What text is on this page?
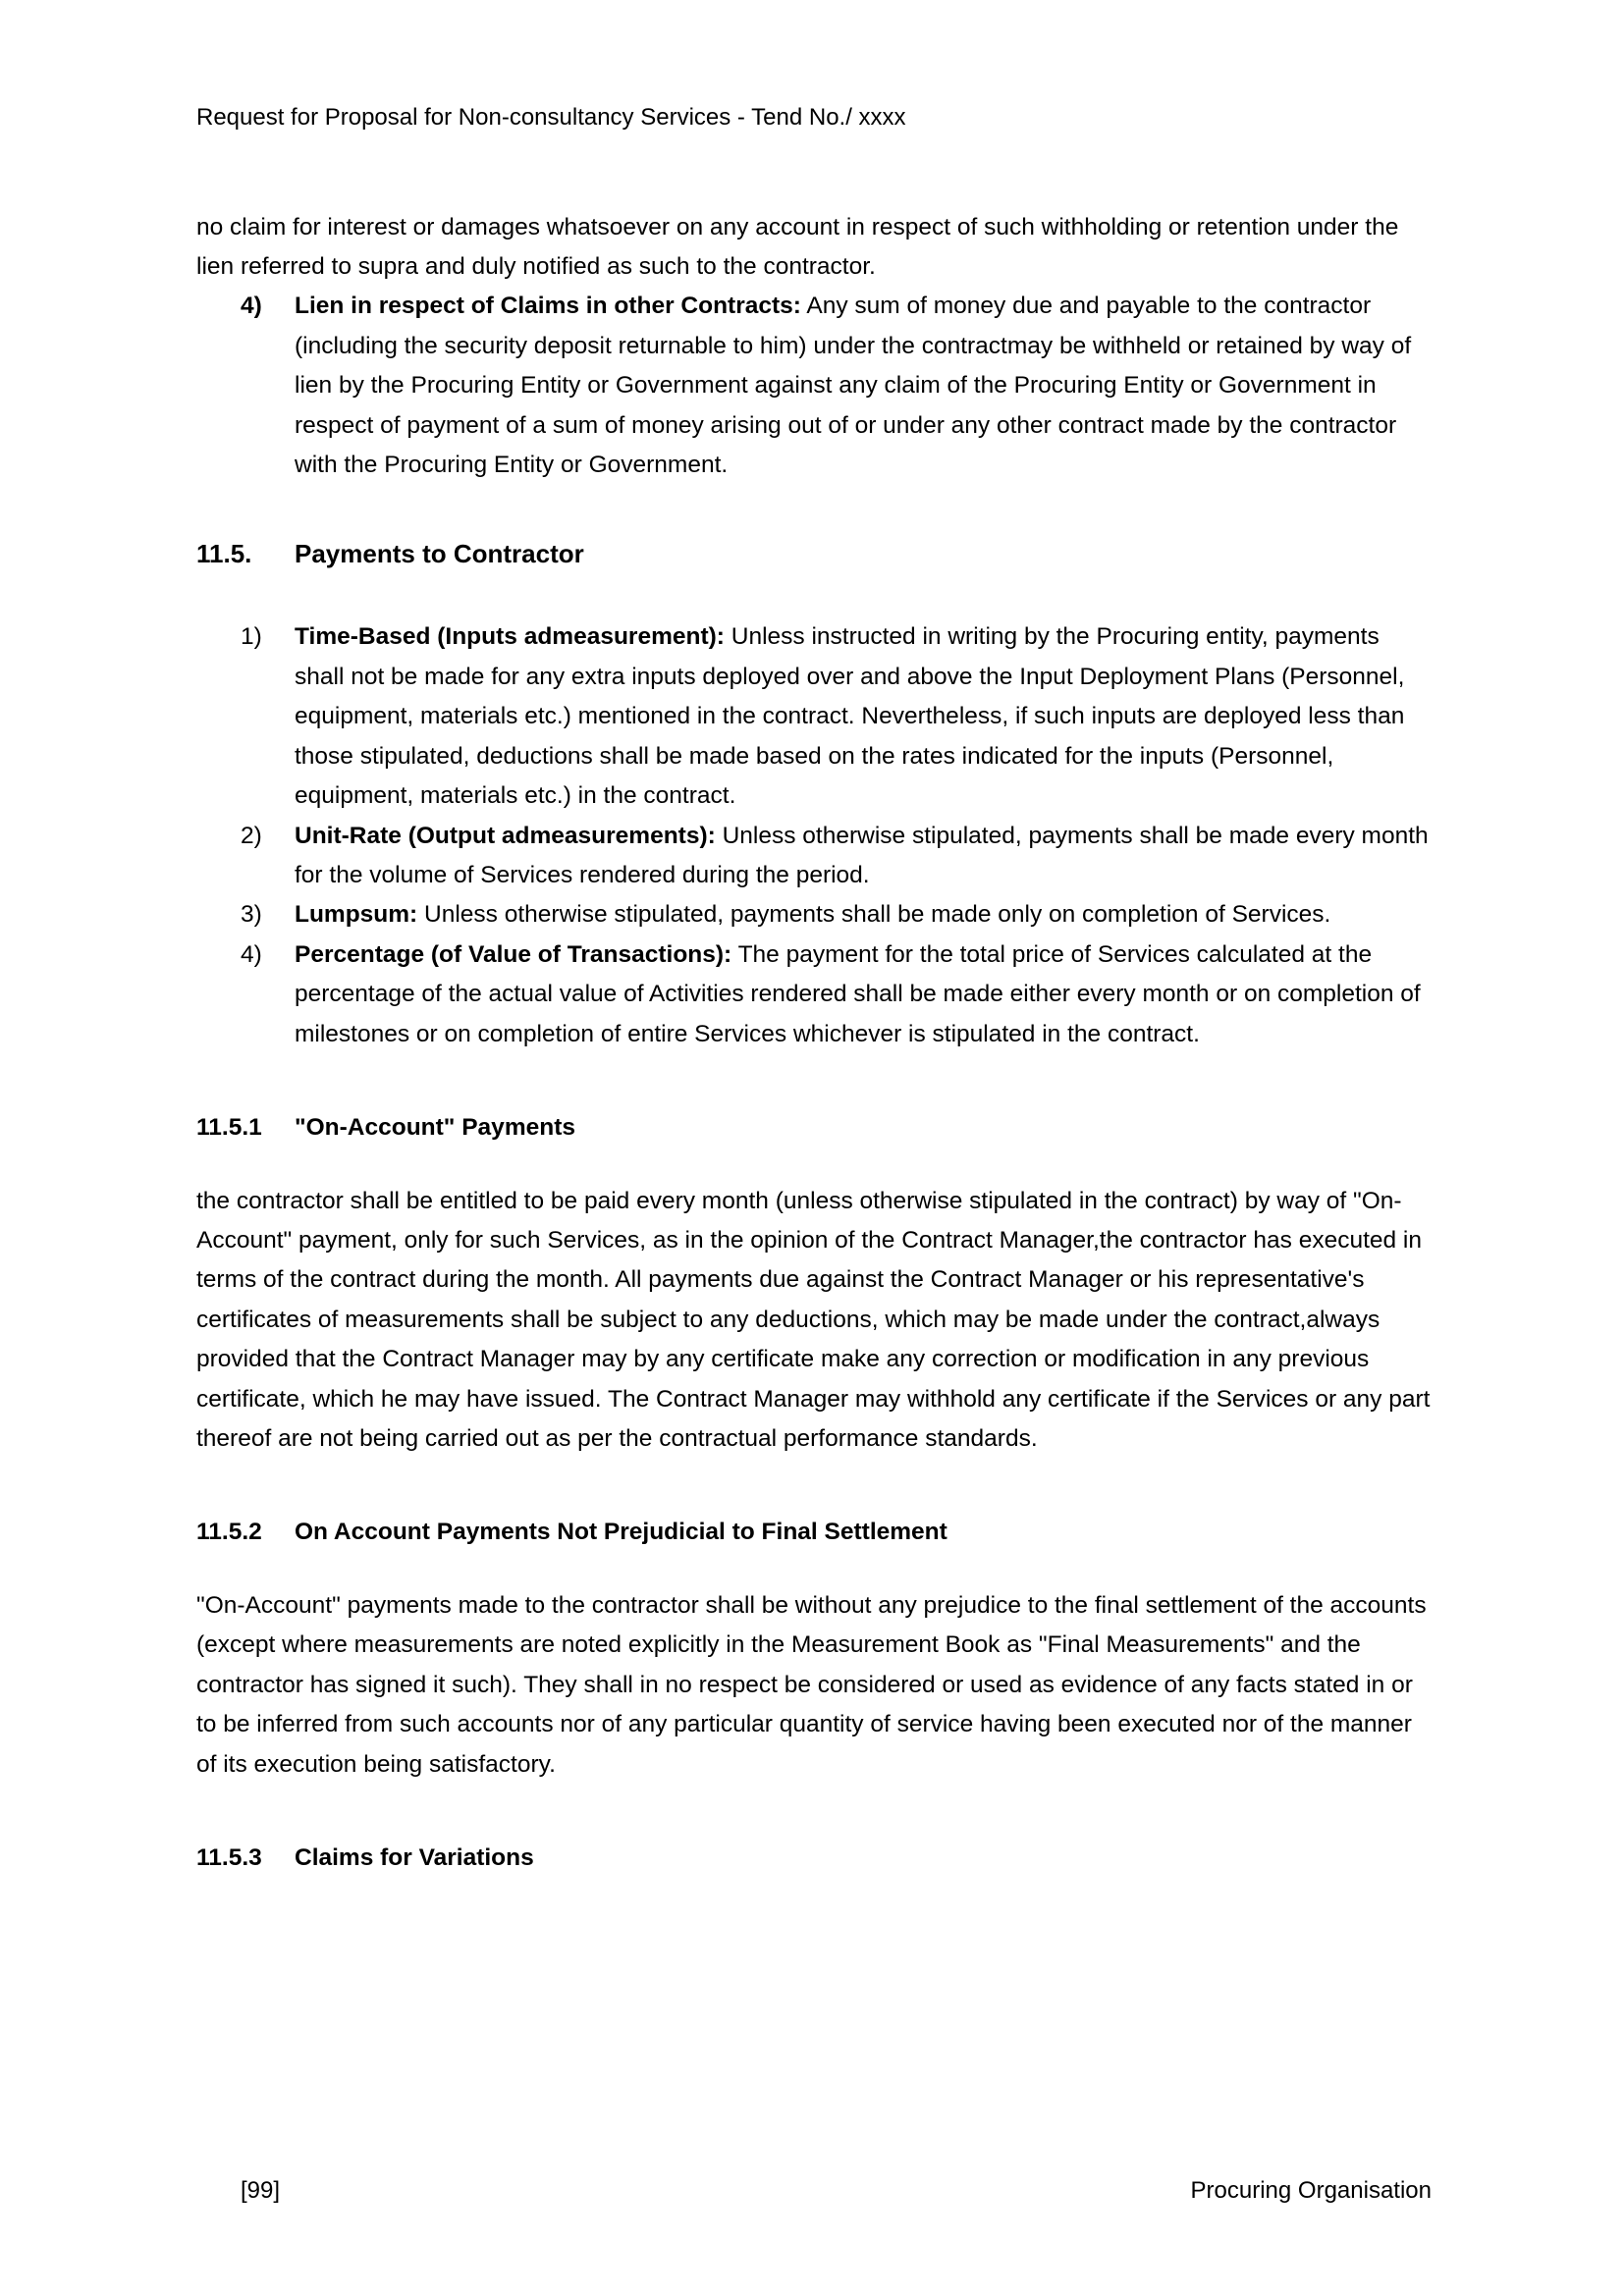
Request for Proposal for Non-consultancy Services - Tend No./ xxxx

no claim for interest or damages whatsoever on any account in respect of such withholding or retention under the lien referred to supra and duly notified as such to the contractor.

4)	Lien in respect of Claims in other Contracts: Any sum of money due and payable to the contractor (including the security deposit returnable to him) under the contractmay be withheld or retained by way of lien by the Procuring Entity or Government against any claim of the Procuring Entity or Government in respect of payment of a sum of money arising out of or under any other contract made by the contractor with the Procuring Entity or Government.
11.5.	Payments to Contractor
1)	Time-Based (Inputs admeasurement): Unless instructed in writing by the Procuring entity, payments shall not be made for any extra inputs deployed over and above the Input Deployment Plans (Personnel, equipment, materials etc.) mentioned in the contract. Nevertheless, if such inputs are deployed less than those stipulated, deductions shall be made based on the rates indicated for the inputs (Personnel, equipment, materials etc.) in the contract.
2)	Unit-Rate (Output admeasurements): Unless otherwise stipulated, payments shall be made every month for the volume of Services rendered during the period.
3)	Lumpsum: Unless otherwise stipulated, payments shall be made only on completion of Services.
4)	Percentage (of Value of Transactions): The payment for the total price of Services calculated at the percentage of the actual value of Activities rendered shall be made either every month or on completion of milestones or on completion of entire Services whichever is stipulated in the contract.
11.5.1	"On-Account" Payments

the contractor shall be entitled to be paid every month (unless otherwise stipulated in the contract) by way of "On-Account" payment, only for such Services, as in the opinion of the Contract Manager,the contractor has executed in terms of the contract during the month. All payments due against the Contract Manager or his representative's certificates of measurements shall be subject to any deductions, which may be made under the contract,always provided that the Contract Manager may by any certificate make any correction or modification in any previous certificate, which he may have issued. The Contract Manager may withhold any certificate if the Services or any part thereof are not being carried out as per the contractual performance standards.

11.5.2	On Account Payments Not Prejudicial to Final Settlement

"On-Account" payments made to the contractor shall be without any prejudice to the final settlement of the accounts (except where measurements are noted explicitly in the Measurement Book as "Final Measurements" and the contractor has signed it such). They shall in no respect be considered or used as evidence of any facts stated in or to be inferred from such accounts nor of any particular quantity of service having been executed nor of the manner of its execution being satisfactory.

11.5.3	Claims for Variations
[99]	Procuring Organisation
